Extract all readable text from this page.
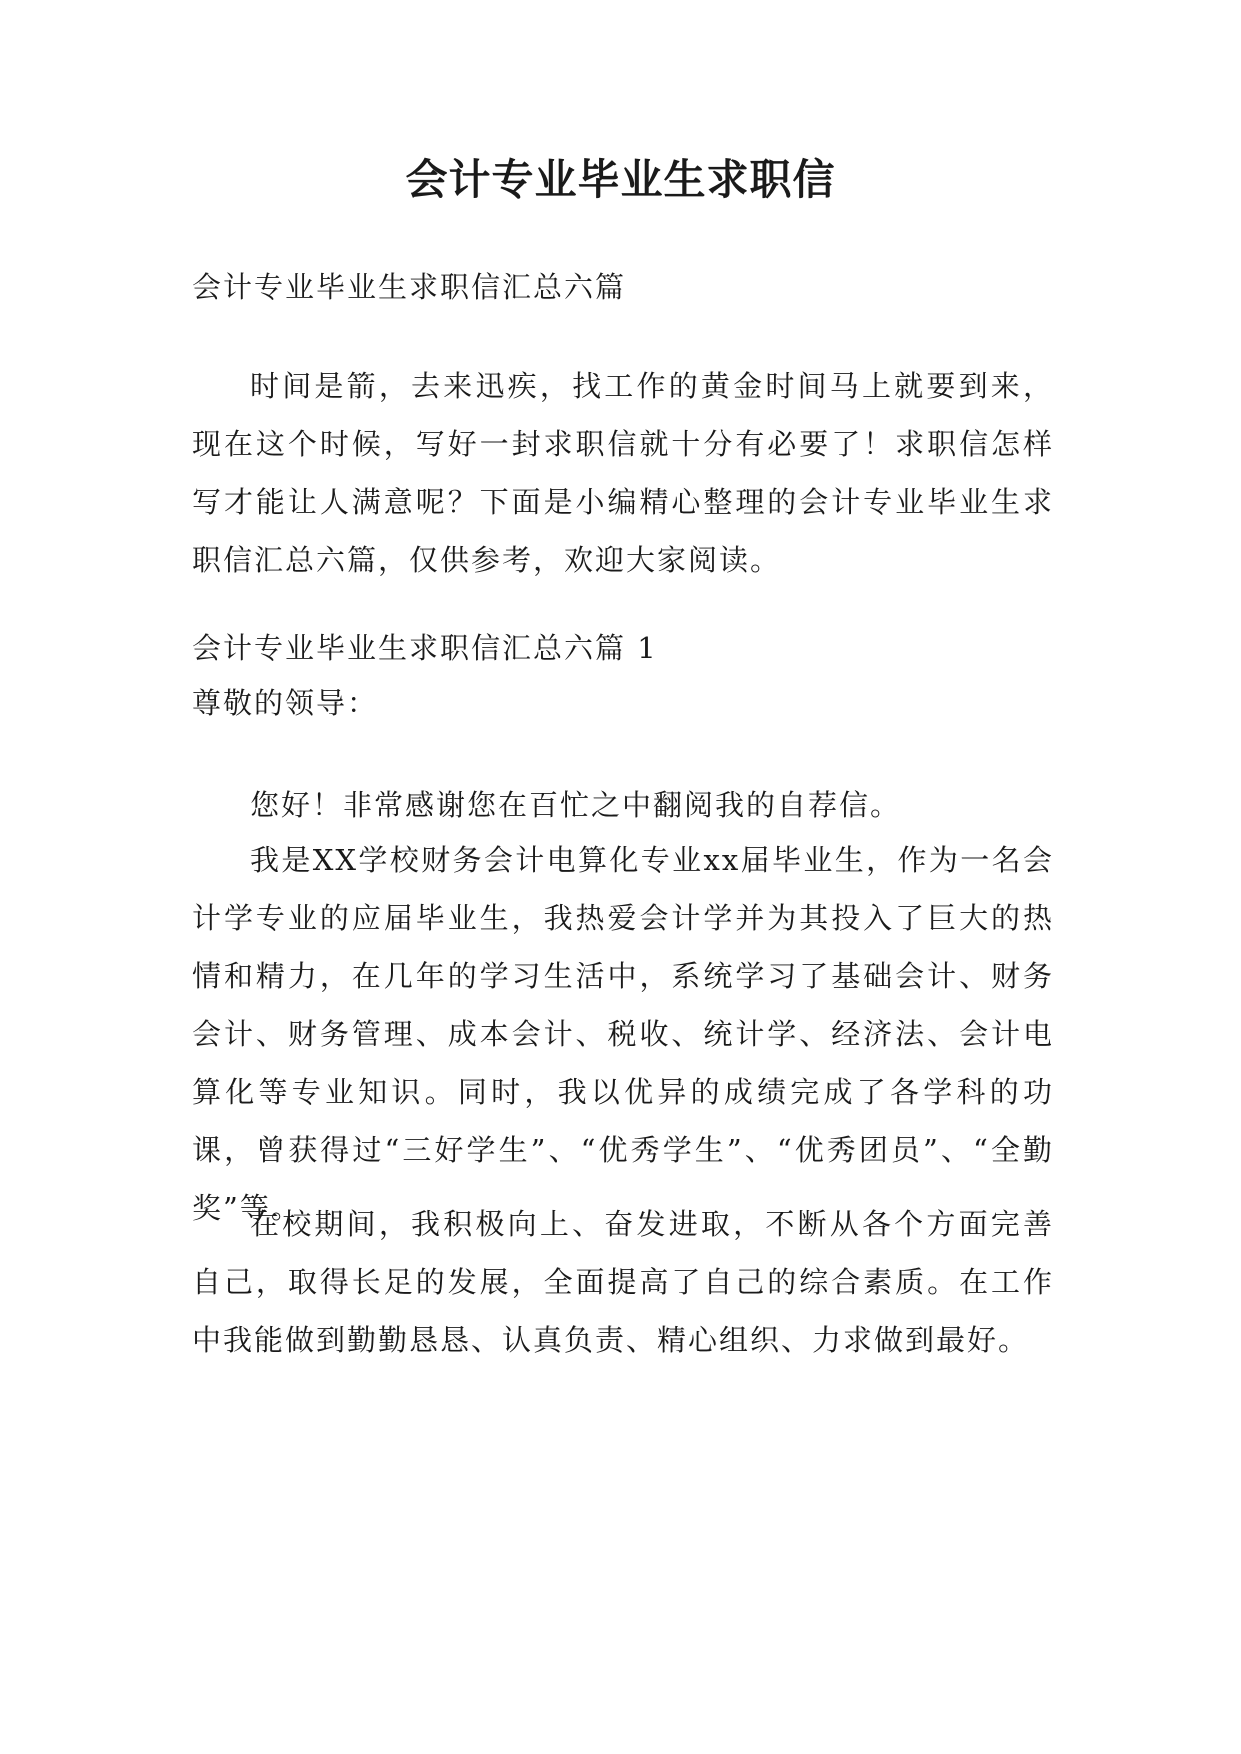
会计专业毕业生求职信
会计专业毕业生求职信汇总六篇
时间是箭，去来迅疾，找工作的黄金时间马上就要到来，现在这个时候，写好一封求职信就十分有必要了！求职信怎样写才能让人满意呢？下面是小编精心整理的会计专业毕业生求职信汇总六篇，仅供参考，欢迎大家阅读。
会计专业毕业生求职信汇总六篇 1
尊敬的领导：
您好！非常感谢您在百忙之中翻阅我的自荐信。
我是XX学校财务会计电算化专业xx届毕业生，作为一名会计学专业的应届毕业生，我热爱会计学并为其投入了巨大的热情和精力，在几年的学习生活中，系统学习了基础会计、财务会计、财务管理、成本会计、税收、统计学、经济法、会计电算化等专业知识。同时，我以优异的成绩完成了各学科的功课，曾获得过“三好学生”、“优秀学生”、“优秀团员”、“全勤奖”等。
在校期间，我积极向上、奋发进取，不断从各个方面完善自己，取得长足的发展，全面提高了自己的综合素质。在工作中我能做到勤勤恳恳、认真负责、精心组织、力求做到最好。
